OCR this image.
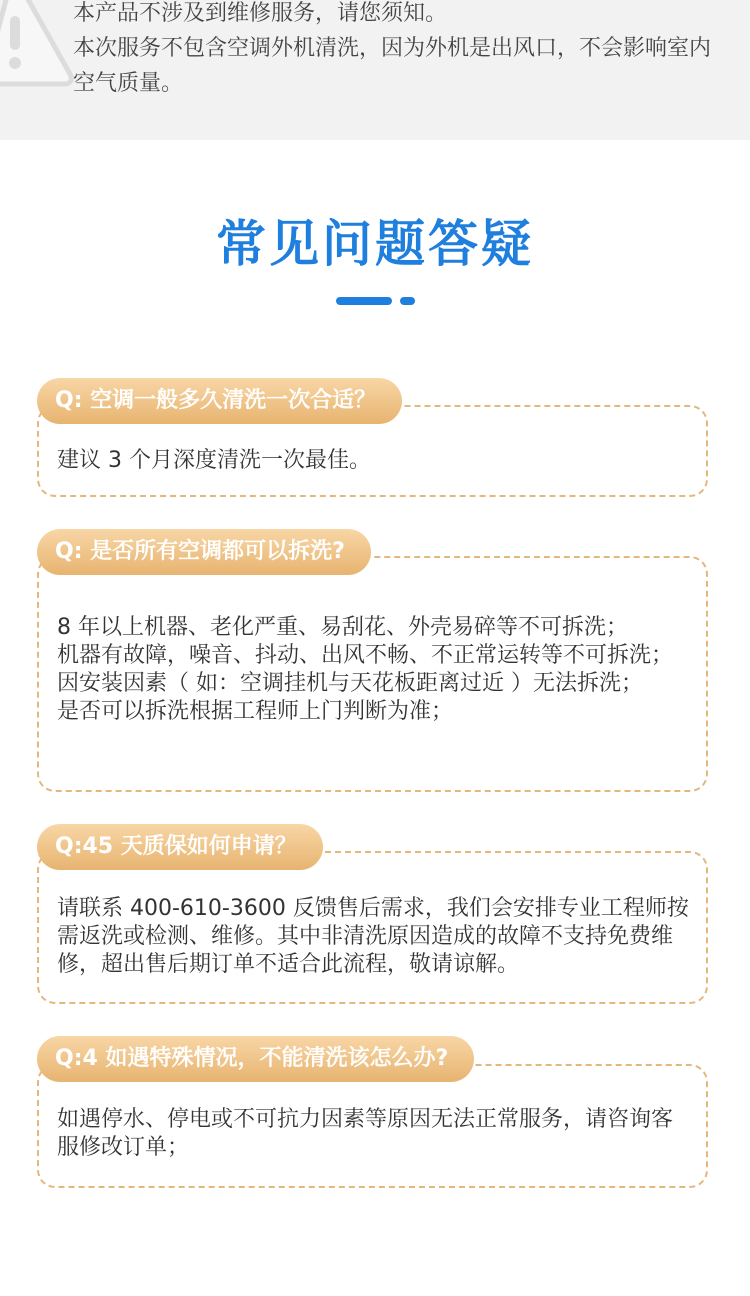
本产品不涉及到维修服务，请您须知。

本次服务不包含空调外机清洗，因为外机是出风口，不会影响室内空气质量。

常见问题答疑
建议 3 个月深度清洗一次最佳。
Q: 空调一般多久清洗一次合适？
8 年以上机器、老化严重、易刮花、外壳易碎等不可拆洗；
机器有故障，噪音、抖动、出风不畅、不正常运转等不可拆洗；
因安装因素（ 如：空调挂机与天花板距离过近 ）无法拆洗；
是否可以拆洗根据工程师上门判断为准；
Q: 是否所有空调都可以拆洗?
请联系 400-610-3600 反馈售后需求，我们会安排专业工程师按需返洗或检测、维修。其中非清洗原因造成的故障不支持免费维修，超出售后期订单不适合此流程，敬请谅解。
Q:45 天质保如何申请？
如遇停水、停电或不可抗力因素等原因无法正常服务，请咨询客服修改订单；
Q:4 如遇特殊情况，不能清洗该怎么办?
